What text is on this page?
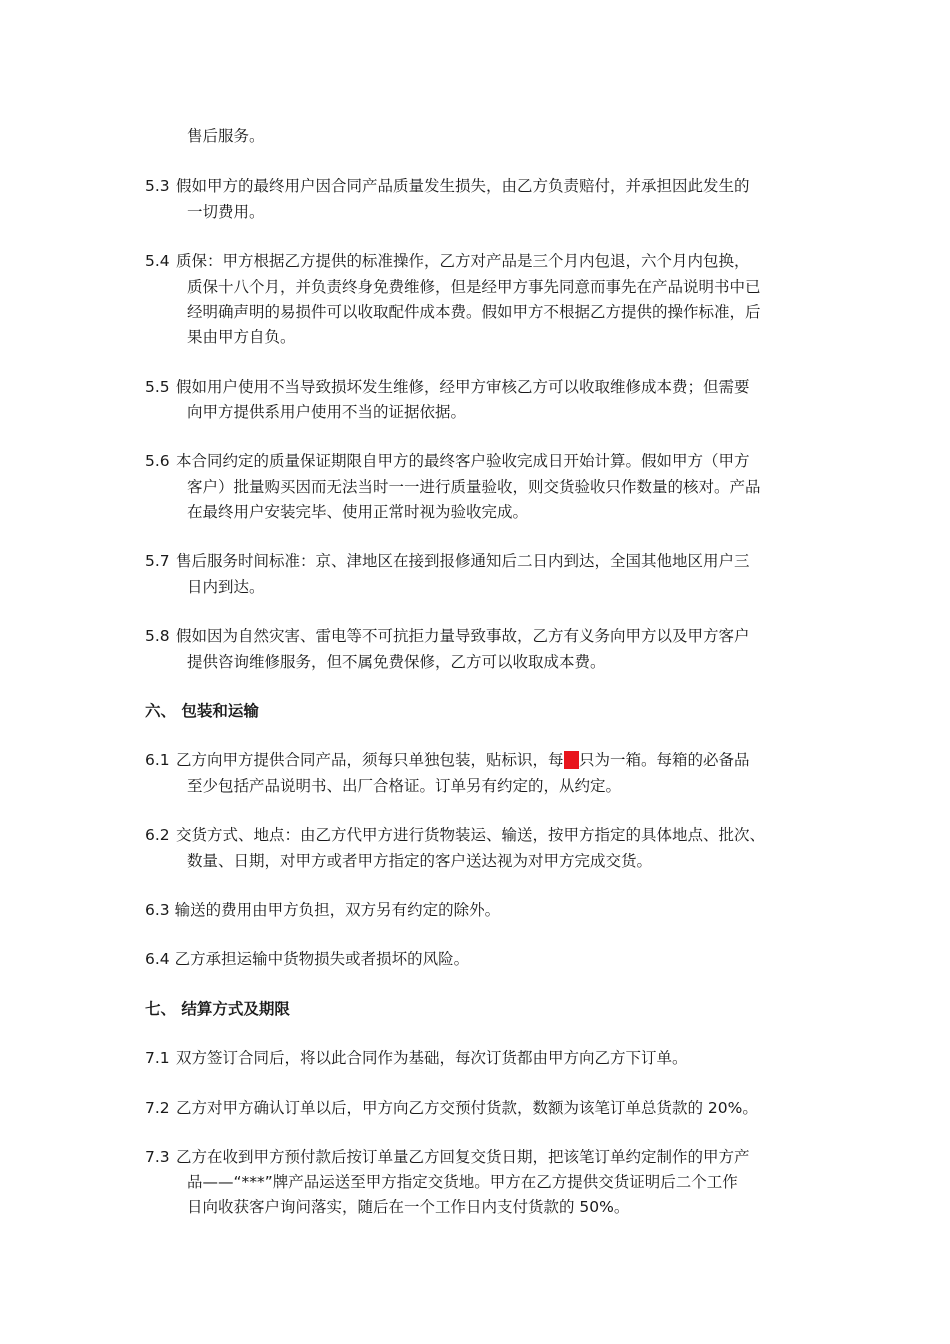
售后服务。
5.3 假如甲方的最终用户因合同产品质量发生损失，由乙方负责赔付，并承担因此发生的
一切费用。
5.4 质保：甲方根据乙方提供的标准操作，乙方对产品是三个月内包退，六个月内包换，
质保十八个月，并负责终身免费维修，但是经甲方事先同意而事先在产品说明书中已
经明确声明的易损件可以收取配件成本费。假如甲方不根据乙方提供的操作标准，后
果由甲方自负。
5.5 假如用户使用不当导致损坏发生维修，经甲方审核乙方可以收取维修成本费；但需要
向甲方提供系用户使用不当的证据依据。
5.6 本合同约定的质量保证期限自甲方的最终客户验收完成日开始计算。假如甲方（甲方
客户）批量购买因而无法当时一一进行质量验收，则交货验收只作数量的核对。产品
在最终用户安装完毕、使用正常时视为验收完成。
5.7 售后服务时间标准：京、津地区在接到报修通知后二日内到达，全国其他地区用户三
日内到达。
5.8 假如因为自然灾害、雷电等不可抗拒力量导致事故，乙方有义务向甲方以及甲方客户
提供咨询维修服务，但不属免费保修，乙方可以收取成本费。
六、 包装和运输
6.1 乙方向甲方提供合同产品，须每只单独包装，贴标识，每**只为一箱。每箱的必备品
至少包括产品说明书、出厂合格证。订单另有约定的，从约定。
6.2 交货方式、地点：由乙方代甲方进行货物装运、输送，按甲方指定的具体地点、批次、
数量、日期，对甲方或者甲方指定的客户送达视为对甲方完成交货。
6.3 输送的费用由甲方负担，双方另有约定的除外。
6.4 乙方承担运输中货物损失或者损坏的风险。
七、 结算方式及期限
7.1 双方签订合同后，将以此合同作为基础，每次订货都由甲方向乙方下订单。
7.2 乙方对甲方确认订单以后，甲方向乙方交预付货款，数额为该笔订单总货款的 20%。
7.3 乙方在收到甲方预付款后按订单量乙方回复交货日期，把该笔订单约定制作的甲方产
品——“***”牌产品运送至甲方指定交货地。甲方在乙方提供交货证明后二个工作
日向收获客户询问落实，随后在一个工作日内支付货款的 50%。
